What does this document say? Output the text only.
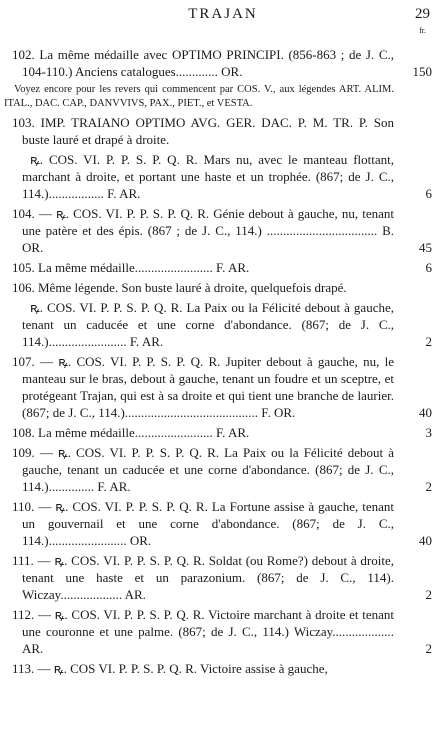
TRAJAN	29
fr.
102. La même médaille avec OPTIMO PRINCIPI. (856-863 ; de J. C., 104-110.) Anciens catalogues............. OR.	150
Voyez encore pour les revers qui commencent par COS. V., aux légendes ART. ALIM. ITAL., DAC. CAP., DANVVIVS, PAX., PIET., et VESTA.
103. IMP. TRAIANO OPTIMO AVG. GER. DAC. P. M. TR. P. Son buste lauré et drapé à droite.
ꝶ. COS. VI. P. P. S. P. Q. R. Mars nu, avec le manteau flottant, marchant à droite, et portant une haste et un trophée. (867; de J. C., 114.)................. F. AR.	6
104. — ꝶ. COS. VI. P. P. S. P. Q. R. Génie debout à gauche, nu, tenant une patère et des épis. (867 ; de J. C., 114.) .................................. B. OR.	45
105. La même médaille........................ F. AR.	6
106. Même légende. Son buste lauré à droite, quelquefois drapé.
ꝶ. COS. VI. P. P. S. P. Q. R. La Paix ou la Félicité debout à gauche, tenant un caducée et une corne d'abondance. (867; de J. C., 114.)........................ F. AR.	2
107. — ꝶ. COS. VI. P. P. S. P. Q. R. Jupiter debout à gauche, nu, le manteau sur le bras, debout à gauche, tenant un foudre et un sceptre, et protégeant Trajan, qui est à sa droite et qui tient une branche de laurier. (867; de J. C., 114.)......................................... F. OR.	40
108. La même médaille........................ F. AR.	3
109. — ꝶ. COS. VI. P. P. S. P. Q. R. La Paix ou la Félicité debout à gauche, tenant un caducée et une corne d'abondance. (867; de J. C., 114.).............. F. AR.	2
110. — ꝶ. COS. VI. P. P. S. P. Q. R. La Fortune assise à gauche, tenant un gouvernail et une corne d'abondance. (867; de J. C., 114.)........................ OR.	40
111. — ꝶ. COS. VI. P. P. S. P. Q. R. Soldat (ou Rome?) debout à droite, tenant une haste et un parazonium. (867; de J. C., 114). Wiczay................... AR.	2
112. — ꝶ. COS. VI. P. P. S. P. Q. R. Victoire marchant à droite et tenant une couronne et une palme. (867; de J. C., 114.) Wiczay................... AR.	2
113. — ꝶ. COS VI. P. P. S. P. Q. R. Victoire assise à gauche,
